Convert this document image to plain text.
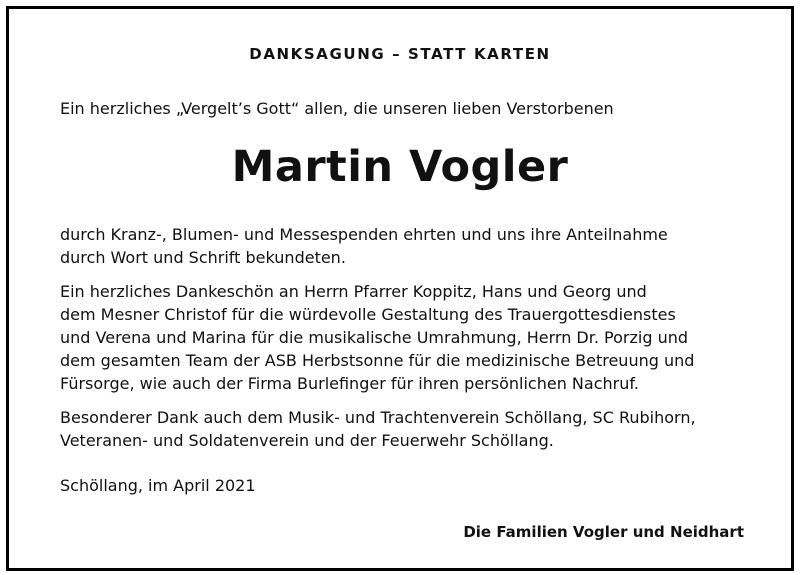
DANKSAGUNG – STATT KARTEN
Ein herzliches „Vergelt’s Gott“ allen, die unseren lieben Verstorbenen
Martin Vogler
durch Kranz-, Blumen- und Messespenden ehrten und uns ihre Anteilnahme
durch Wort und Schrift bekundeten.
Ein herzliches Dankeschön an Herrn Pfarrer Koppitz, Hans und Georg und
dem Mesner Christof für die würdevolle Gestaltung des Trauergottesdienstes
und Verena und Marina für die musikalische Umrahmung, Herrn Dr. Porzig und
dem gesamten Team der ASB Herbstsonne für die medizinische Betreuung und
Fürsorge, wie auch der Firma Burlefinger für ihren persönlichen Nachruf.
Besonderer Dank auch dem Musik- und Trachtenverein Schöllang, SC Rubihorn,
Veteranen- und Soldatenverein und der Feuerwehr Schöllang.
Schöllang, im April 2021
Die Familien Vogler und Neidhart
